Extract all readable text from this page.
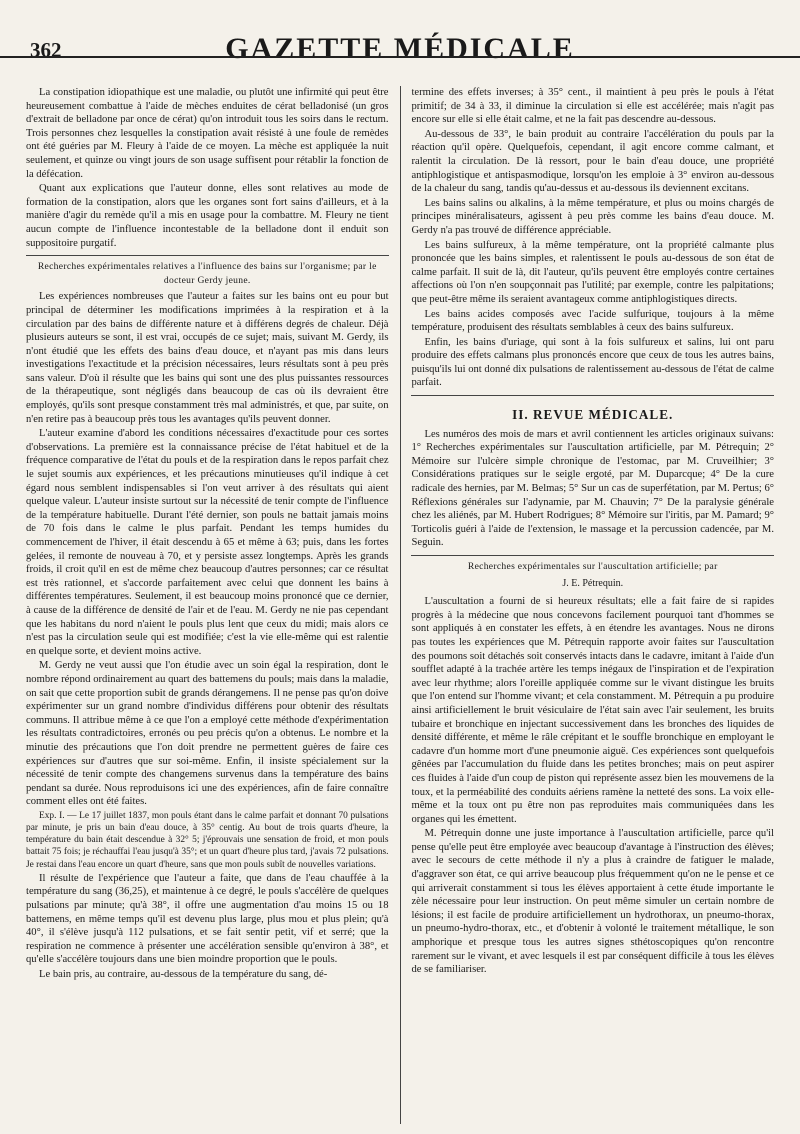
362	GAZETTE MÉDICALE

La constipation idiopathique est une maladie, ou plutôt une infirmité qui peut être heureusement combattue à l'aide de mèches enduites de cérat belladonisé (un gros d'extrait de belladone par once de cérat) qu'on introduit tous les soirs dans le rectum. Trois personnes chez lesquelles la constipation avait résisté à une foule de remèdes ont été guéries par M. Fleury à l'aide de ce moyen. La mèche est appliquée la nuit seulement, et quinze ou vingt jours de son usage suffisent pour rétablir la fonction de la défécation.

Quant aux explications que l'auteur donne, elles sont relatives au mode de formation de la constipation, alors que les organes sont fort sains d'ailleurs, et à la manière d'agir du remède qu'il a mis en usage pour la combattre. M. Fleury ne tient aucun compte de l'influence incontestable de la belladone dont il enduit son suppositoire purgatif.

Recherches expérimentales relatives a l'influence des bains sur l'organisme; par le docteur Gerdy jeune.

Les expériences nombreuses que l'auteur a faites sur les bains ont eu pour but principal de déterminer les modifications imprimées à la respiration et à la circulation par des bains de différente nature et à différens degrés de chaleur. Déjà plusieurs auteurs se sont, il est vrai, occupés de ce sujet; mais, suivant M. Gerdy, ils n'ont étudié que les effets des bains d'eau douce, et n'ayant pas mis dans leurs investigations l'exactitude et la précision nécessaires, leurs résultats sont à peu près sans valeur. D'où il résulte que les bains qui sont une des plus puissantes ressources de la thérapeutique, sont négligés dans beaucoup de cas où ils devraient être employés, qu'ils sont presque constamment très mal administrés, et que, par suite, on n'en retire pas à beaucoup près tous les avantages qu'ils peuvent donner.

L'auteur examine d'abord les conditions nécessaires d'exactitude pour ces sortes d'observations. La première est la connaissance précise de l'état habituel et de la fréquence comparative de l'état du pouls et de la respiration dans le repos parfait chez le sujet soumis aux expériences, et les précautions minutieuses qu'il indique à cet égard nous semblent indispensables si l'on veut arriver à des résultats qui aient quelque valeur. L'auteur insiste surtout sur la nécessité de tenir compte de l'influence de la température habituelle. Durant l'été dernier, son pouls ne battait jamais moins de 70 fois dans le calme le plus parfait. Pendant les temps humides du commencement de l'hiver, il était descendu à 65 et même à 63; puis, dans les fortes gelées, il remonte de nouveau à 70, et y persiste assez longtemps. Après les grands froids, il croit qu'il en est de même chez beaucoup d'autres personnes; car ce résultat est très rationnel, et s'accorde parfaitement avec celui que donnent les bains à différentes températures. Seulement, il est beaucoup moins prononcé que ce dernier, à cause de la différence de densité de l'air et de l'eau. M. Gerdy ne nie pas cependant que les habitans du nord n'aient le pouls plus lent que ceux du midi; mais alors ce n'est pas la circulation seule qui est modifiée; c'est la vie elle-même qui est ralentie en quelque sorte, et devient moins active.

M. Gerdy ne veut aussi que l'on étudie avec un soin égal la respiration, dont le nombre répond ordinairement au quart des battemens du pouls; mais dans la maladie, on sait que cette proportion subit de grands dérangemens. Il ne pense pas qu'on doive expérimenter sur un grand nombre d'individus différens pour obtenir des résultats communs. Il attribue même à ce que l'on a employé cette méthode d'expérimentation les résultats contradictoires, erronés ou peu précis qu'on a obtenus. Le nombre et la minutie des précautions que l'on doit prendre ne permettent guères de faire ces expériences sur d'autres que sur soi-même. Enfin, il insiste spécialement sur la nécessité de tenir compte des changemens survenus dans la température des bains pendant sa durée. Nous reproduisons ici une des expériences, afin de faire connaître comment elles ont été faites.

Exp. I. — Le 17 juillet 1837, mon pouls étant dans le calme parfait et donnant 70 pulsations par minute, je pris un bain d'eau douce, à 35° centig. Au bout de trois quarts d'heure, la température du bain était descendue à 32° 5; j'éprouvais une sensation de froid, et mon pouls battait 75 fois; je réchauffai l'eau jusqu'à 35°; et un quart d'heure plus tard, j'avais 72 pulsations. Je restai dans l'eau encore un quart d'heure, sans que mon pouls subît de nouvelles variations.

Il résulte de l'expérience que l'auteur a faite, que dans de l'eau chauffée à la température du sang (36,25), et maintenue à ce degré, le pouls s'accélère de quelques pulsations par minute; qu'à 38°, il offre une augmentation d'au moins 15 ou 18 battemens, en même temps qu'il est devenu plus large, plus mou et plus plein; qu'à 40°, il s'élève jusqu'à 112 pulsations, et se fait sentir petit, vif et serré; que la respiration ne commence à présenter une accélération sensible qu'environ à 38°, et qu'elle s'accélère toujours dans une bien moindre proportion que le pouls.

Le bain pris, au contraire, au-dessous de la température du sang, dé-

termine des effets inverses; à 35° cent., il maintient à peu près le pouls à l'état primitif; de 34 à 33, il diminue la circulation si elle est accélérée; mais n'agit pas encore sur elle si elle était calme, et ne la fait pas descendre au-dessous.

Au-dessous de 33°, le bain produit au contraire l'accélération du pouls par la réaction qu'il opère. Quelquefois, cependant, il agit encore comme calmant, et ralentit la circulation. De là ressort, pour le bain d'eau douce, une propriété antiphlogistique et antispasmodique, lorsqu'on les emploie à 3° environ au-dessous de la chaleur du sang, tandis qu'au-dessus et au-dessous ils deviennent excitans.

Les bains salins ou alkalins, à la même température, et plus ou moins chargés de principes minéralisateurs, agissent à peu près comme les bains d'eau douce. M. Gerdy n'a pas trouvé de différence appréciable.

Les bains sulfureux, à la même température, ont la propriété calmante plus prononcée que les bains simples, et ralentissent le pouls au-dessous de son état de calme parfait. Il suit de là, dit l'auteur, qu'ils peuvent être employés contre certaines affections où l'on n'en soupçonnait pas l'utilité; par exemple, contre les palpitations; que peut-être même ils seraient avantageux comme antiphlogistiques directs.

Les bains acides composés avec l'acide sulfurique, toujours à la même température, produisent des résultats semblables à ceux des bains sulfureux.

Enfin, les bains d'uriage, qui sont à la fois sulfureux et salins, lui ont paru produire des effets calmans plus prononcés encore que ceux de tous les autres bains, puisqu'ils lui ont donné dix pulsations de ralentissement au-dessous de l'état de calme parfait.

II. REVUE MÉDICALE.

Les numéros des mois de mars et avril contiennent les articles originaux suivans: 1° Recherches expérimentales sur l'auscultation artificielle, par M. Pétrequin; 2° Mémoire sur l'ulcère simple chronique de l'estomac, par M. Cruveilhier; 3° Considérations pratiques sur le seigle ergoté, par M. Duparcque; 4° De la cure radicale des hernies, par M. Belmas; 5° Sur un cas de superfétation, par M. Pertus; 6° Réflexions générales sur l'adynamie, par M. Chauvin; 7° De la paralysie générale chez les aliénés, par M. Hubert Rodrigues; 8° Mémoire sur l'iritis, par M. Pamard; 9° Torticolis guéri à l'aide de l'extension, le massage et la percussion cadencée, par M. Seguin.

Recherches expérimentales sur l'auscultation artificielle; par

J. E. Pétrequin.

L'auscultation a fourni de si heureux résultats; elle a fait faire de si rapides progrès à la médecine que nous concevons facilement pourquoi tant d'hommes se sont appliqués à en constater les effets, à en étendre les avantages. Nous ne dirons pas toutes les expériences que M. Pétrequin rapporte avoir faites sur l'auscultation des poumons soit détachés soit conservés intacts dans le cadavre, imitant à l'aide d'un soufflet adapté à la trachée artère les temps inégaux de l'inspiration et de l'expiration avec leur rhythme; alors l'oreille appliquée comme sur le vivant distingue les bruits que l'on entend sur l'homme vivant; et cela constamment. M. Pétrequin a pu produire ainsi artificiellement le bruit vésiculaire de l'état sain avec l'air seulement, les bruits tubaire et bronchique en injectant successivement dans les bronches des liquides de densité différente, et même le râle crépitant et le souffle bronchique en employant le cadavre d'un homme mort d'une pneumonie aiguë. Ces expériences sont quelquefois gênées par l'accumulation du fluide dans les petites bronches; mais on peut aspirer ces fluides à l'aide d'un coup de piston qui représente assez bien les mouvemens de la toux, et la perméabilité des conduits aériens ramène la netteté des sons. La voix elle-même et la toux ont pu être non pas reproduites mais communiquées dans les organes qui les émettent.

M. Pétrequin donne une juste importance à l'auscultation artificielle, parce qu'il pense qu'elle peut être employée avec beaucoup d'avantage à l'instruction des élèves; avec le secours de cette méthode il n'y a plus à craindre de fatiguer le malade, d'aggraver son état, ce qui arrive beaucoup plus fréquemment qu'on ne le pense et ce qui arriverait constamment si tous les élèves apportaient à cette étude importante le zèle nécessaire pour leur instruction. On peut même simuler un certain nombre de lésions; il est facile de produire artificiellement un hydrothorax, un pneumo-thorax, un pneumo-hydro-thorax, etc., et d'obtenir à volonté le traitement métallique, le son amphorique et presque tous les autres signes sthétoscopiques qu'on rencontre rarement sur le vivant, et avec lesquels il est par conséquent difficile à tous les élèves de se familiariser.
